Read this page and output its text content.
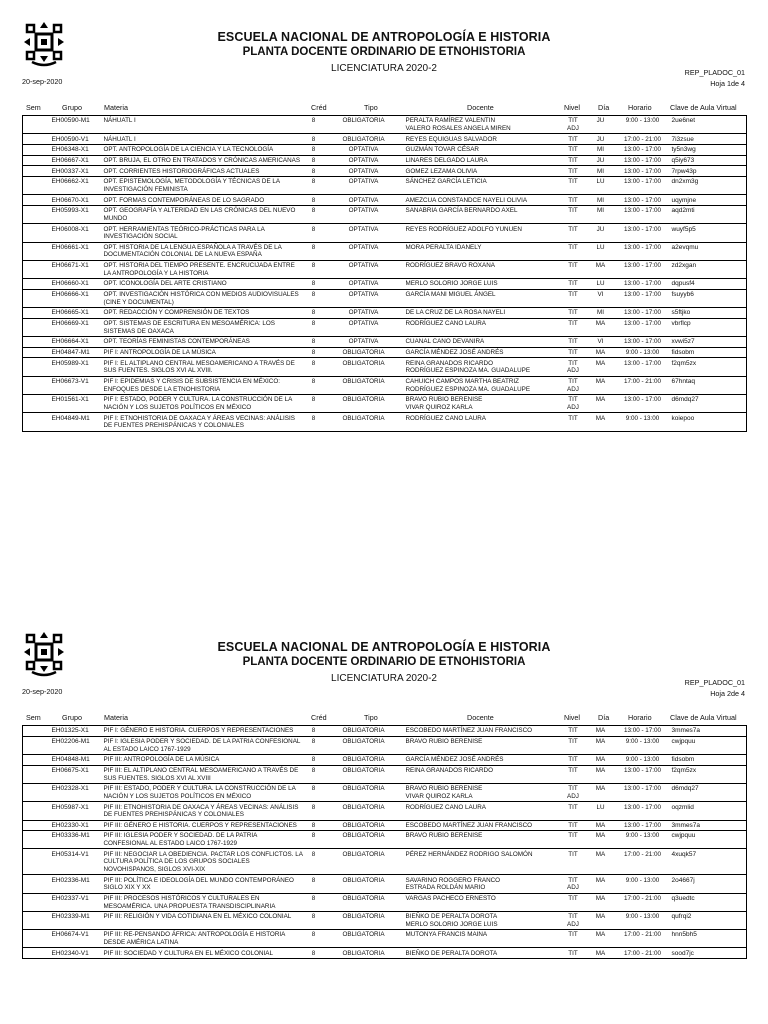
ESCUELA NACIONAL DE ANTROPOLOGÍA E HISTORIA
PLANTA DOCENTE ORDINARIO DE ETNOHISTORIA
LICENCIATURA 2020-2
20-sep-2020
REP_PLADOC_01
Hoja 1de 4
Sem	Grupo	Materia	Créd	Tipo	Docente	Nivel	Día	Horario	Clave de Aula Virtual
	EH00590-M1	NÁHUATL I	8	OBLIGATORIA	PERALTA RAMÍREZ VALENTIN
VALERO ROSALES ANGELA MIREN	TIT
ADJ	JU	9:00 - 13:00	2ue6net
	EH00590-V1	NÁHUATL I	8	OBLIGATORIA	REYES EQUIGUAS SALVADOR	TIT	JU	17:00 - 21:00	7i3zsue
	EH06348-X1	OPT. ANTROPOLOGÍA DE LA CIENCIA Y LA TECNOLOGÍA	8	OPTATIVA	GUZMÁN TOVAR CÉSAR	TIT	MI	13:00 - 17:00	ty5n3wg
	EH06667-X1	OPT. BRUJA, EL OTRO EN TRATADOS Y CRÓNICAS AMERICANAS	8	OPTATIVA	LINARES DELGADO LAURA	TIT	JU	13:00 - 17:00	q5iy673
	EH00337-X1	OPT. CORRIENTES HISTORIOGRÁFICAS ACTUALES	8	OPTATIVA	GOMEZ LEZAMA OLIVIA	TIT	MI	13:00 - 17:00	7rpw43p
	EH06662-X1	OPT. EPISTEMOLOGÍA, METODOLOGÍA Y TÉCNICAS DE LA INVESTIGACIÓN FEMINISTA	8	OPTATIVA	SÁNCHEZ GARCÍA LETICIA	TIT	LU	13:00 - 17:00	dn2xm3g
	EH06670-X1	OPT. FORMAS CONTEMPORÁNEAS DE LO SAGRADO	8	OPTATIVA	AMEZCUA CONSTANDCE NAYELI OLIVIA	TIT	MI	13:00 - 17:00	uqymjne
	EH05993-X1	OPT. GEOGRAFÍA Y ALTERIDAD EN LAS CRÓNICAS DEL NUEVO MUNDO	8	OPTATIVA	SANABRIA GARCÍA BERNARDO AXEL	TIT	MI	13:00 - 17:00	aqd2mti
	EH06008-X1	OPT. HERRAMIENTAS TEÓRICO-PRÁCTICAS PARA LA INVESTIGACIÓN SOCIAL	8	OPTATIVA	REYES RODRÍGUEZ ADOLFO YUNUEN	TIT	JU	13:00 - 17:00	wuyf5p5
	EH06661-X1	OPT. HISTORIA DE LA LENGUA ESPAÑOLA A TRAVÉS DE LA DOCUMENTACIÓN COLONIAL DE LA NUEVA ESPAÑA	8	OPTATIVA	MORA PERALTA IDANELY	TIT	LU	13:00 - 17:00	a2evqmu
	EH06671-X1	OPT. HISTORIA DEL TIEMPO PRESENTE. ENCRUCIJADA ENTRE LA ANTROPOLOGÍA Y LA HISTORIA	8	OPTATIVA	RODRÍGUEZ BRAVO ROXANA	TIT	MA	13:00 - 17:00	zd2xgan
	EH06660-X1	OPT. ICONOLOGÍA DEL ARTE CRISTIANO	8	OPTATIVA	MERLO SOLORIO JORGE LUIS	TIT	LU	13:00 - 17:00	dqpusf4
	EH06666-X1	OPT. INVESTIGACIÓN HISTÓRICA CON MEDIOS AUDIOVISUALES (CINE Y DOCUMENTAL)	8	OPTATIVA	GARCÍA MANI MIGUEL ÁNGEL	TIT	VI	13:00 - 17:00	fsuyyb6
	EH06665-X1	OPT. REDACCIÓN Y COMPRENSIÓN DE TEXTOS	8	OPTATIVA	DE LA CRUZ DE LA ROSA NAYELI	TIT	MI	13:00 - 17:00	s5ftjko
	EH06669-X1	OPT. SISTEMAS DE ESCRITURA EN MESOAMÉRICA: LOS SISTEMAS DE OAXACA	8	OPTATIVA	RODRÍGUEZ CANO LAURA	TIT	MA	13:00 - 17:00	vbrflcp
	EH06664-X1	OPT. TEORÍAS FEMINISTAS CONTEMPORÁNEAS	8	OPTATIVA	CUANAL CANO DEVANIRA	TIT	VI	13:00 - 17:00	xvwi5z7
	EH04847-M1	PIF I: ANTROPOLOGÍA DE LA MÚSICA	8	OBLIGATORIA	GARCÍA MÉNDEZ JOSÉ ANDRÉS	TIT	MA	9:00 - 13:00	fidsobm
	EH05989-X1	PIF I: EL ALTIPLANO CENTRAL MESOAMERICANO A TRAVÉS DE SUS FUENTES. SIGLOS XVI AL XVIII.	8	OBLIGATORIA	REINA GRANADOS RICARDO
RODRÍGUEZ ESPINOZA MA. GUADALUPE	TIT
ADJ	MA	13:00 - 17:00	f2qm5zx
	EH06673-V1	PIF I: EPIDEMIAS Y CRISIS DE SUBSISTENCIA EN MÉXICO: ENFOQUES DESDE LA ETNOHISTORIA	8	OBLIGATORIA	CAHUICH CAMPOS MARTHA BEATRIZ
RODRÍGUEZ ESPINOZA MA. GUADALUPE	TIT
ADJ	MA	17:00 - 21:00	67hntaq
	EH01561-X1	PIF I: ESTADO, PODER Y CULTURA. LA CONSTRUCCIÓN DE LA NACIÓN Y LOS SUJETOS POLÍTICOS EN MÉXICO	8	OBLIGATORIA	BRAVO RUBIO BERENISE
VIVAR QUIROZ KARLA	TIT
ADJ	MA	13:00 - 17:00	d6mdq27
	EH04849-M1	PIF I: ETNOHISTORIA DE OAXACA Y ÁREAS VECINAS: ANÁLISIS DE FUENTES PREHISPÁNICAS Y COLONIALES	8	OBLIGATORIA	RODRÍGUEZ CANO LAURA	TIT	MA	9:00 - 13:00	koiepoo
ESCUELA NACIONAL DE ANTROPOLOGÍA E HISTORIA
PLANTA DOCENTE ORDINARIO DE ETNOHISTORIA
LICENCIATURA 2020-2
20-sep-2020
REP_PLADOC_01
Hoja 2de 4
Sem	Grupo	Materia	Créd	Tipo	Docente	Nivel	Día	Horario	Clave de Aula Virtual
	EH01325-X1	PIF I: GÉNERO E HISTORIA. CUERPOS Y REPRESENTACIONES	8	OBLIGATORIA	ESCOBEDO MARTÍNEZ JUAN FRANCISCO	TIT	MA	13:00 - 17:00	3mmes7a
	EH02206-M1	PIF I: IGLESIA PODER Y SOCIEDAD. DE LA PATRIA CONFESIONAL AL ESTADO LAICO 1767-1929	8	OBLIGATORIA	BRAVO RUBIO BERENISE	TIT	MA	9:00 - 13:00	cwjpquu
	EH04848-M1	PIF III: ANTROPOLOGÍA DE LA MÚSICA	8	OBLIGATORIA	GARCÍA MÉNDEZ JOSÉ ANDRÉS	TIT	MA	9:00 - 13:00	fidsobm
	EH06675-X1	PIF III: EL ALTIPLANO CENTRAL MESOAMERICANO A TRAVÉS DE SUS FUENTES. SIGLOS XVI AL XVIII	8	OBLIGATORIA	REINA GRANADOS RICARDO	TIT	MA	13:00 - 17:00	f2qm5zx
	EH02328-X1	PIF III: ESTADO, PODER Y CULTURA. LA CONSTRUCCIÓN DE LA NACIÓN Y LOS SUJETOS POLÍTICOS EN MÉXICO	8	OBLIGATORIA	BRAVO RUBIO BERENISE
VIVAR QUIROZ KARLA	TIT
ADJ	MA	13:00 - 17:00	d6mdq27
	EH05987-X1	PIF III: ETNOHISTORIA DE OAXACA Y ÁREAS VECINAS: ANÁLISIS DE FUENTES PREHISPÁNICAS Y COLONIALES	8	OBLIGATORIA	RODRÍGUEZ CANO LAURA	TIT	LU	13:00 - 17:00	oqzmlid
	EH02330-X1	PIF III: GÉNERO E HISTORIA. CUERPOS Y REPRESENTACIONES	8	OBLIGATORIA	ESCOBEDO MARTÍNEZ JUAN FRANCISCO	TIT	MA	13:00 - 17:00	3mmes7a
	EH03336-M1	PIF III: IGLESIA PODER Y SOCIEDAD. DE LA PATRIA CONFESIONAL AL ESTADO LAICO 1767-1929	8	OBLIGATORIA	BRAVO RUBIO BERENISE	TIT	MA	9:00 - 13:00	cwjpquu
	EH05314-V1	PIF III: NEGOCIAR LA OBEDIENCIA. PACTAR LOS CONFLICTOS. LA CULTURA POLÍTICA DE LOS GRUPOS SOCIALES NOVOHISPANOS, SIGLOS XVI-XIX	8	OBLIGATORIA	PÉREZ HERNÁNDEZ RODRIGO SALOMÓN	TIT	MA	17:00 - 21:00	4xuqk57
	EH02336-M1	PIF III: POLÍTICA E IDEOLOGÍA DEL MUNDO CONTEMPORÁNEO SIGLO XIX Y XX	8	OBLIGATORIA	SAVARINO ROGGERO FRANCO
ESTRADA ROLDÁN MARIO	TIT
ADJ	MA	9:00 - 13:00	2o4667j
	EH02337-V1	PIF III: PROCESOS HISTÓRICOS Y CULTURALES EN MESOAMÉRICA. UNA PROPUESTA TRANSDISCIPLINARIA	8	OBLIGATORIA	VARGAS PACHECO ERNESTO	TIT	MA	17:00 - 21:00	q3uedtc
	EH02339-M1	PIF III: RELIGIÓN Y VIDA COTIDIANA EN EL MÉXICO COLONIAL	8	OBLIGATORIA	BIEÑKO DE PERALTA DOROTA
MERLO SOLORIO JORGE LUIS	TIT
ADJ	MA	9:00 - 13:00	qufrqi2
	EH06674-V1	PIF III: RE-PENSANDO ÁFRICA: ANTROPOLOGÍA E HISTORIA DESDE AMÉRICA LATINA	8	OBLIGATORIA	MUTONYA FRANCIS MAINA	TIT	MA	17:00 - 21:00	hnn5bh5
	EH02340-V1	PIF III: SOCIEDAD Y CULTURA EN EL MÉXICO COLONIAL	8	OBLIGATORIA	BIEÑKO DE PERALTA DOROTA	TIT	MA	17:00 - 21:00	sood7jc
